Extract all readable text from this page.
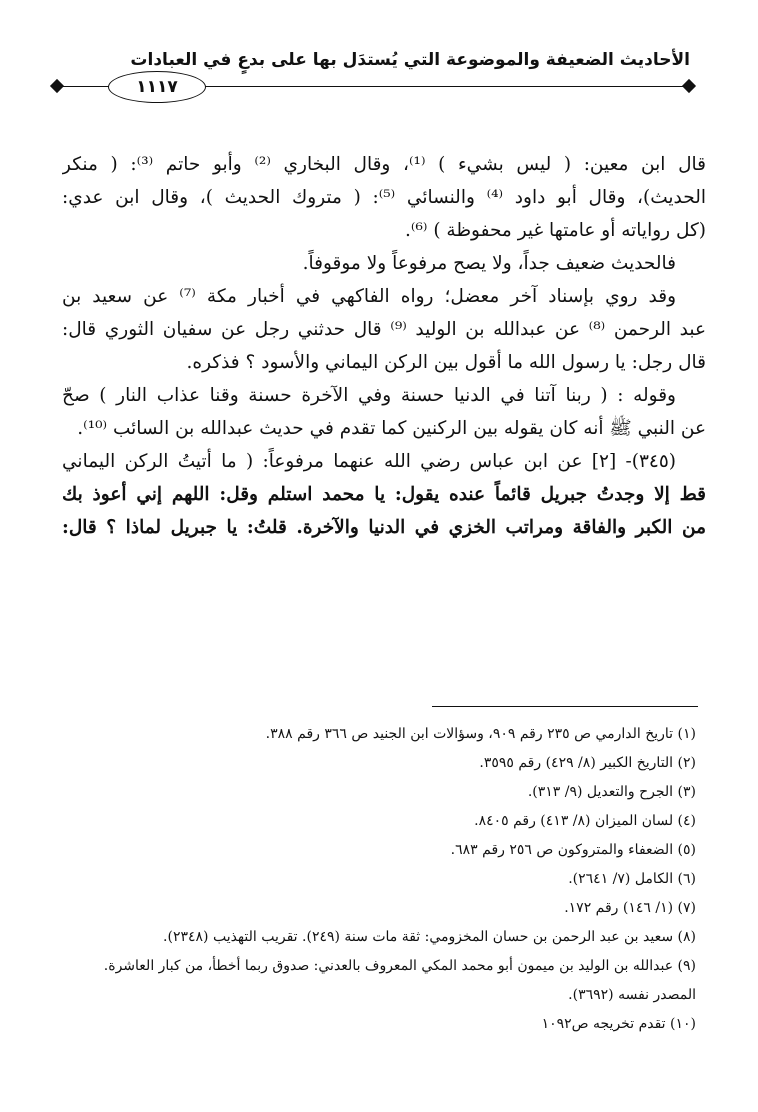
الأحاديث الضعيفة والموضوعة التي يُستدَل بها على بدعٍ في العبادات
١١١٧
قال ابن معين: ( ليس بشيء ) ⁽¹⁾، وقال البخاري ⁽²⁾ وأبو حاتم ⁽³⁾: ( منكر
الحديث)، وقال أبو داود ⁽⁴⁾ والنسائي ⁽⁵⁾: ( متروك الحديث )، وقال ابن عدي:
(كل رواياته أو عامتها غير محفوظة ) ⁽⁶⁾.
فالحديث ضعيف جداً، ولا يصح مرفوعاً ولا موقوفاً.
وقد روي بإسناد آخر معضل؛ رواه الفاكهي في أخبار مكة ⁽⁷⁾ عن سعيد بن
عبد الرحمن ⁽⁸⁾ عن عبدالله بن الوليد ⁽⁹⁾ قال حدثني رجل عن سفيان الثوري قال:
قال رجل: يا رسول الله ما أقول بين الركن اليماني والأسود ؟ فذكره.
وقوله : ( ربنا آتنا في الدنيا حسنة وفي الآخرة حسنة وقنا عذاب النار ) صحّ
عن النبي ﷺ أنه كان يقوله بين الركنين كما تقدم في حديث عبدالله بن السائب ⁽¹⁰⁾.
(٣٤٥)- [٢] عن ابن عباس رضي الله عنهما مرفوعاً: ( ما أتيتُ الركن اليماني
قط إلا وجدتُ جبريل قائماً عنده يقول: يا محمد استلم وقل: اللهم إني أعوذ بك
من الكبر والفاقة ومراتب الخزي في الدنيا والآخرة. قلتُ: يا جبريل لماذا ؟ قال:
(١) تاريخ الدارمي ص ٢٣٥ رقم ٩٠٩، وسؤالات ابن الجنيد ص ٣٦٦ رقم ٣٨٨.
(٢) التاريخ الكبير (٨/ ٤٢٩) رقم ٣٥٩٥.
(٣) الجرح والتعديل (٩/ ٣١٣).
(٤) لسان الميزان (٨/ ٤١٣) رقم ٨٤٠٥.
(٥) الضعفاء والمتروكون ص ٢٥٦ رقم ٦٨٣.
(٦) الكامل (٧/ ٢٦٤١).
(٧) (١/ ١٤٦) رقم ١٧٢.
(٨) سعيد بن عبد الرحمن بن حسان المخزومي: ثقة مات سنة (٢٤٩). تقريب التهذيب (٢٣٤٨).
(٩) عبدالله بن الوليد بن ميمون أبو محمد المكي المعروف بالعدني: صدوق ربما أخطأ، من كبار العاشرة.
المصدر نفسه (٣٦٩٢).
(١٠) تقدم تخريجه ص١٠٩٢
